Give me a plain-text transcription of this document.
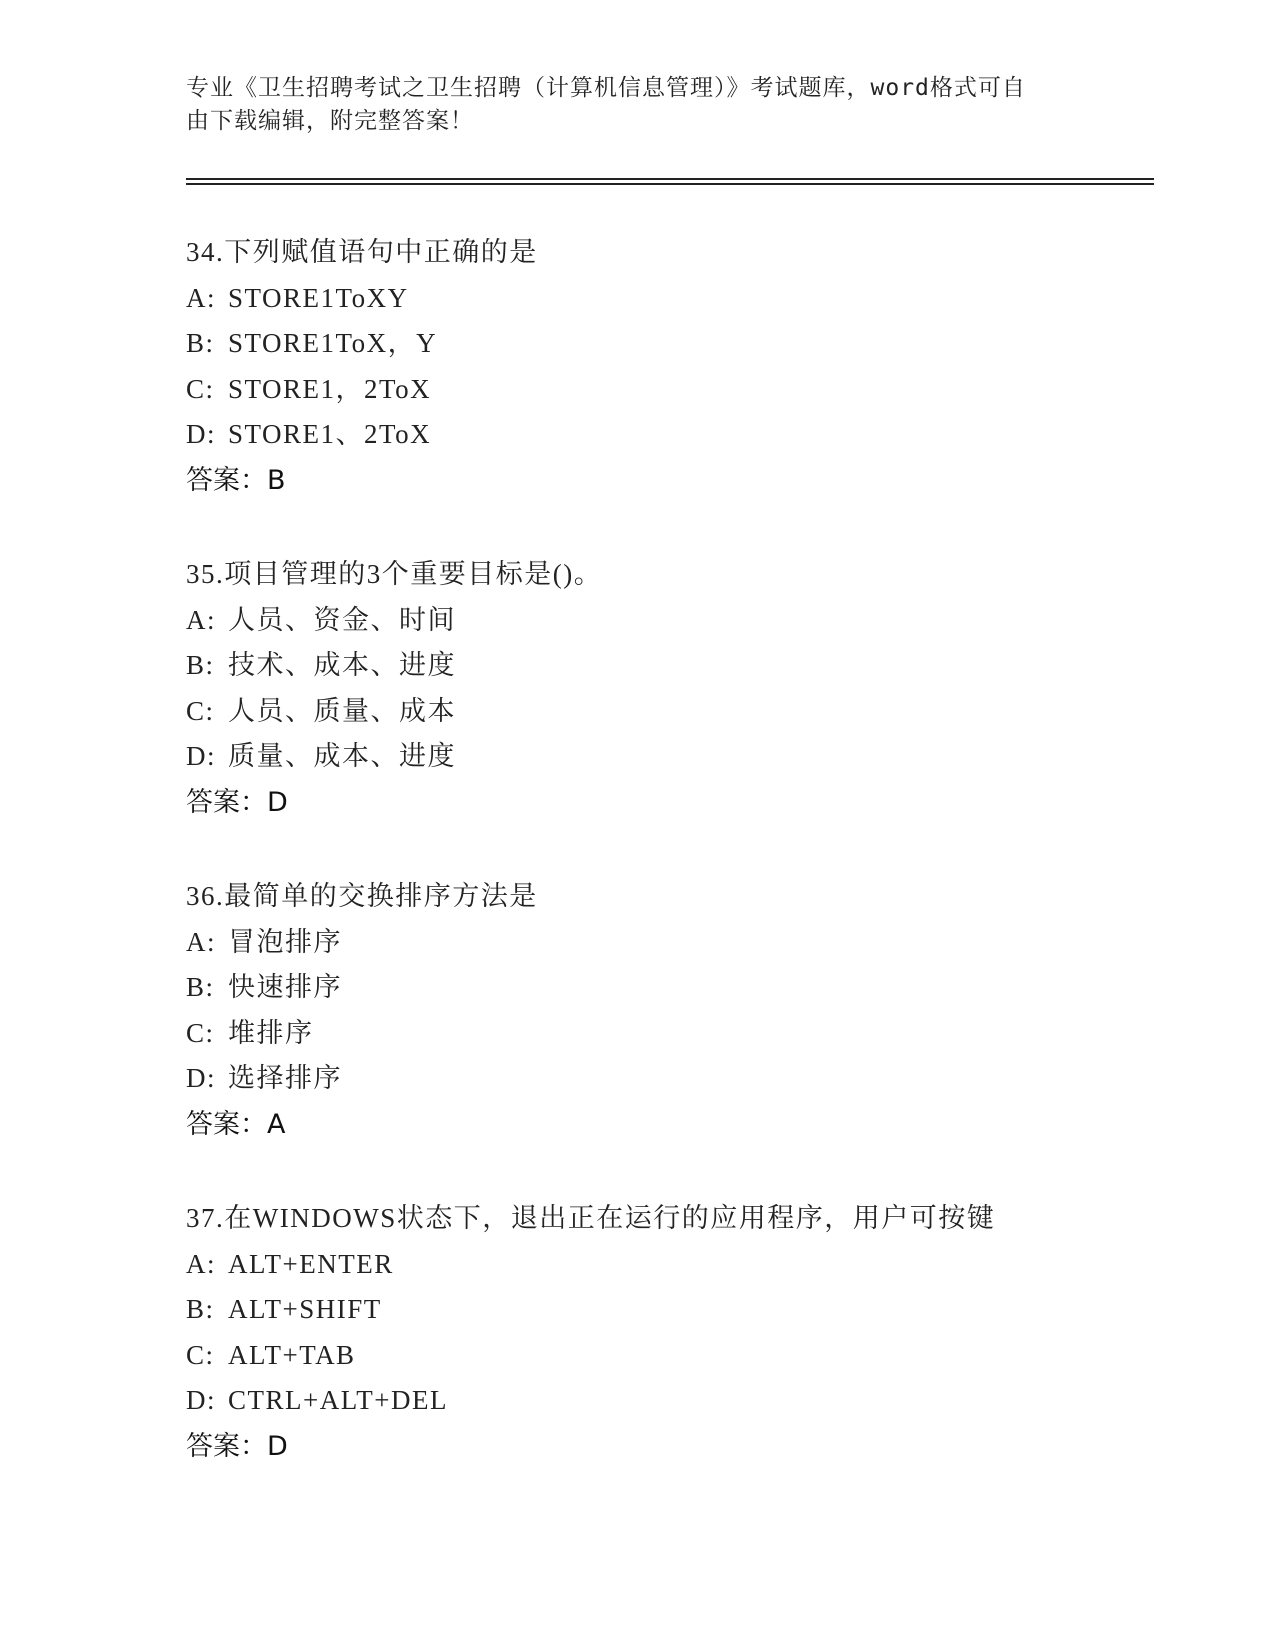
专业《卫生招聘考试之卫生招聘（计算机信息管理）》考试题库，word格式可自
由下载编辑，附完整答案！
34.下列赋值语句中正确的是
A: STORE1ToXY
B: STORE1ToX，Y
C: STORE1，2ToX
D: STORE1、2ToX
答案：B
35.项目管理的3个重要目标是()。
A: 人员、资金、时间
B: 技术、成本、进度
C: 人员、质量、成本
D: 质量、成本、进度
答案：D
36.最简单的交换排序方法是
A: 冒泡排序
B: 快速排序
C: 堆排序
D: 选择排序
答案：A
37.在WINDOWS状态下，退出正在运行的应用程序，用户可按键
A: ALT+ENTER
B: ALT+SHIFT
C: ALT+TAB
D: CTRL+ALT+DEL
答案：D
